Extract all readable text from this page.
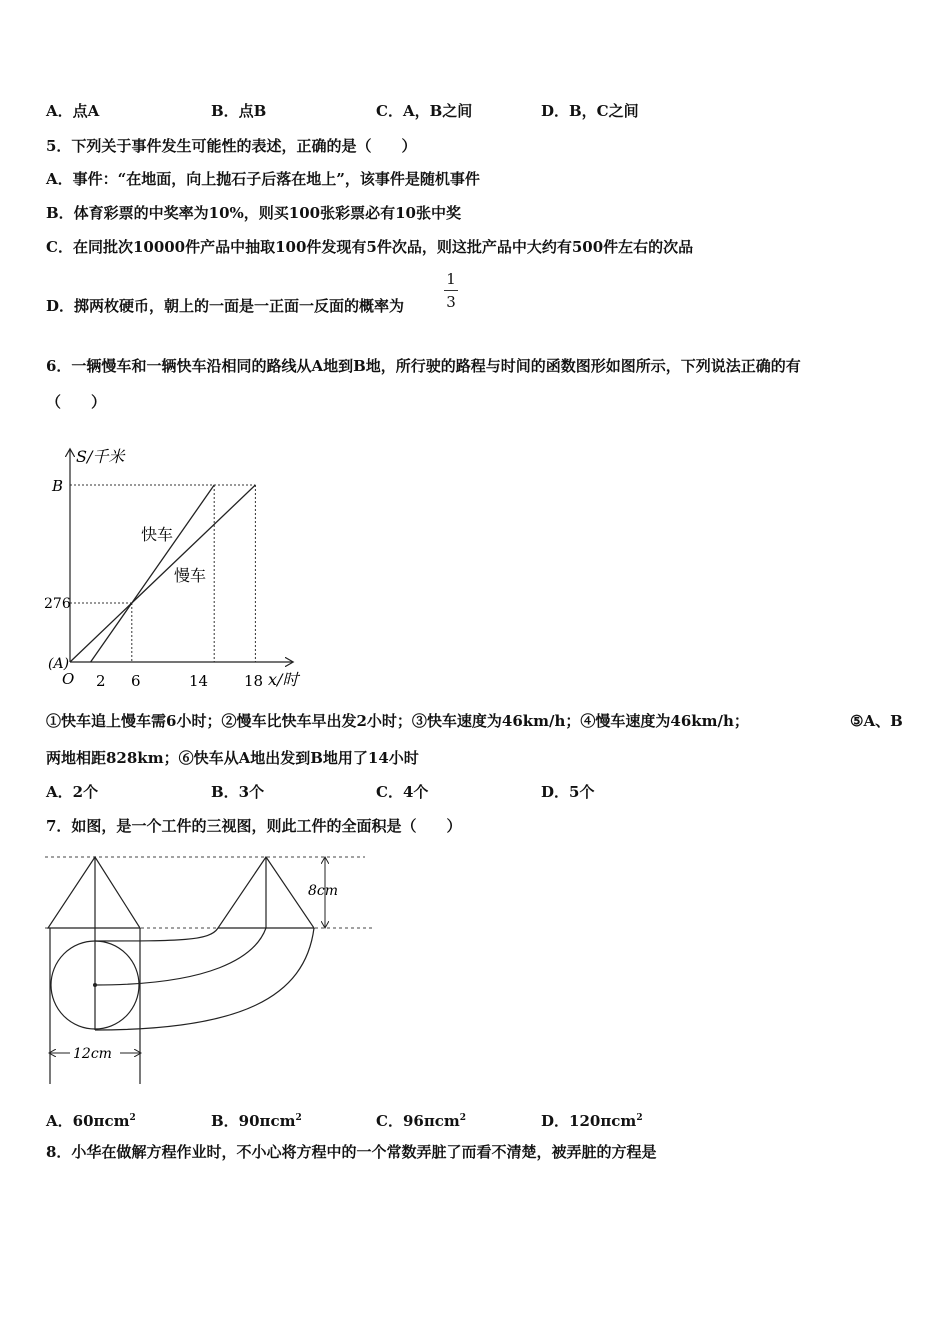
A．点A	B．点B	C．A，B之间	D．B，C之间
5．下列关于事件发生可能性的表述，正确的是（　　）
A．事件：“在地面，向上抛石子后落在地上”，该事件是随机事件
B．体育彩票的中奖率为10%，则买100张彩票必有10张中奖
C．在同批次10000件产品中抽取100件发现有5件次品，则这批产品中大约有500件左右的次品
D．掷两枚硬币，朝上的一面是一正面一反面的概率为
1
3
6．一辆慢车和一辆快车沿相同的路线从A地到B地，所行驶的路程与时间的函数图形如图所示，下列说法正确的有
（　　）
S/千米
B
276
(A)
O 2 6	14 18 x/时
快车
慢车
①快车追上慢车需6小时；②慢车比快车早出发2小时；③快车速度为46km/h；④慢车速度为46km/h；	⑤A、B
两地相距828km；⑥快车从A地出发到B地用了14小时
A．2个	B．3个	C．4个	D．5个
7．如图，是一个工件的三视图，则此工件的全面积是（　　）
8cm
12cm
A．60πcm$^2$	B．90πcm$^2$	C．96πcm$^2$	D．120πcm$^2$
8．小华在做解方程作业时，不小心将方程中的一个常数弄脏了而看不清楚，被弄脏的方程是
